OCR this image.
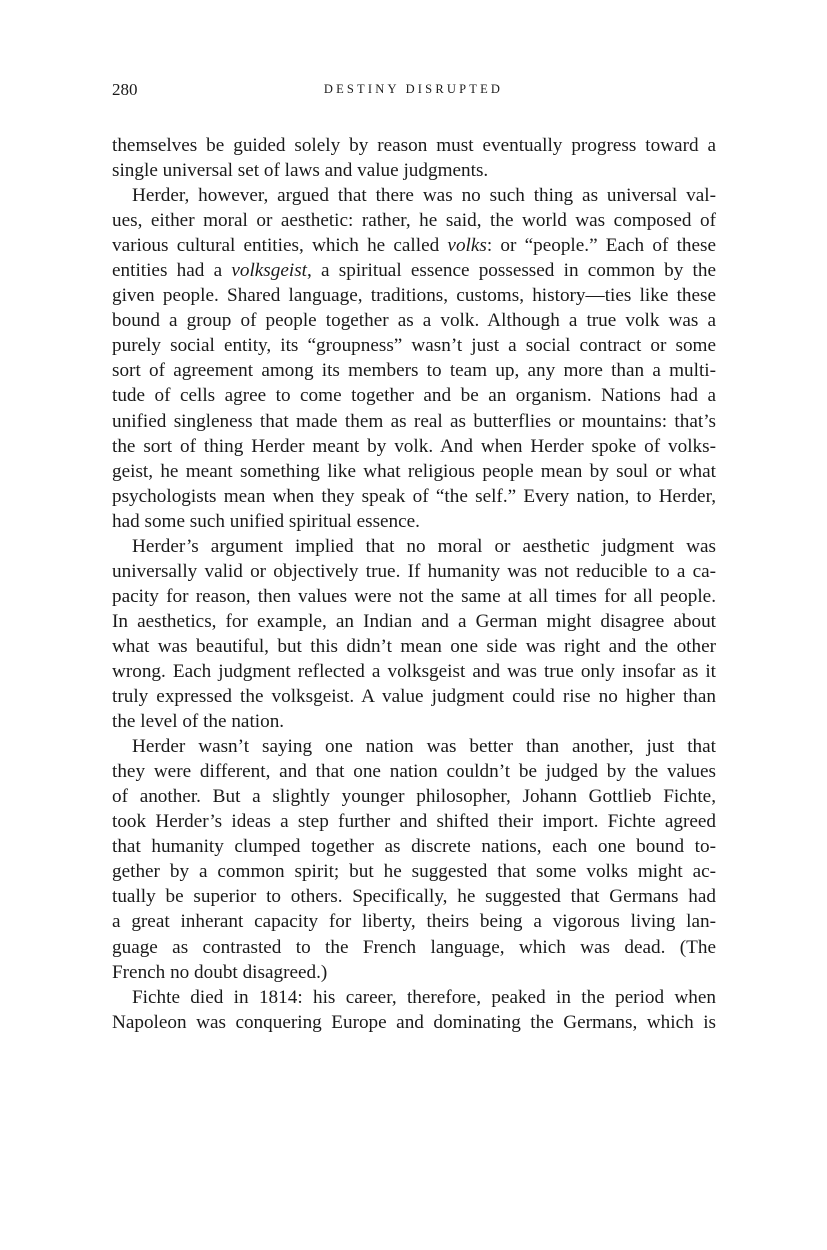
280	DESTINY DISRUPTED
themselves be guided solely by reason must eventually progress toward a
single universal set of laws and value judgments.
Herder, however, argued that there was no such thing as universal val-
ues, either moral or aesthetic: rather, he said, the world was composed of
various cultural entities, which he called volks: or “people.” Each of these
entities had a volksgeist, a spiritual essence possessed in common by the
given people. Shared language, traditions, customs, history—ties like these
bound a group of people together as a volk. Although a true volk was a
purely social entity, its “groupness” wasn’t just a social contract or some
sort of agreement among its members to team up, any more than a multi-
tude of cells agree to come together and be an organism. Nations had a
unified singleness that made them as real as butterflies or mountains: that’s
the sort of thing Herder meant by volk. And when Herder spoke of volks-
geist, he meant something like what religious people mean by soul or what
psychologists mean when they speak of “the self.” Every nation, to Herder,
had some such unified spiritual essence.
Herder’s argument implied that no moral or aesthetic judgment was
universally valid or objectively true. If humanity was not reducible to a ca-
pacity for reason, then values were not the same at all times for all people.
In aesthetics, for example, an Indian and a German might disagree about
what was beautiful, but this didn’t mean one side was right and the other
wrong. Each judgment reflected a volksgeist and was true only insofar as it
truly expressed the volksgeist. A value judgment could rise no higher than
the level of the nation.
Herder wasn’t saying one nation was better than another, just that
they were different, and that one nation couldn’t be judged by the values
of another. But a slightly younger philosopher, Johann Gottlieb Fichte,
took Herder’s ideas a step further and shifted their import. Fichte agreed
that humanity clumped together as discrete nations, each one bound to-
gether by a common spirit; but he suggested that some volks might ac-
tually be superior to others. Specifically, he suggested that Germans had
a great inherant capacity for liberty, theirs being a vigorous living lan-
guage as contrasted to the French language, which was dead. (The
French no doubt disagreed.)
Fichte died in 1814: his career, therefore, peaked in the period when
Napoleon was conquering Europe and dominating the Germans, which is
